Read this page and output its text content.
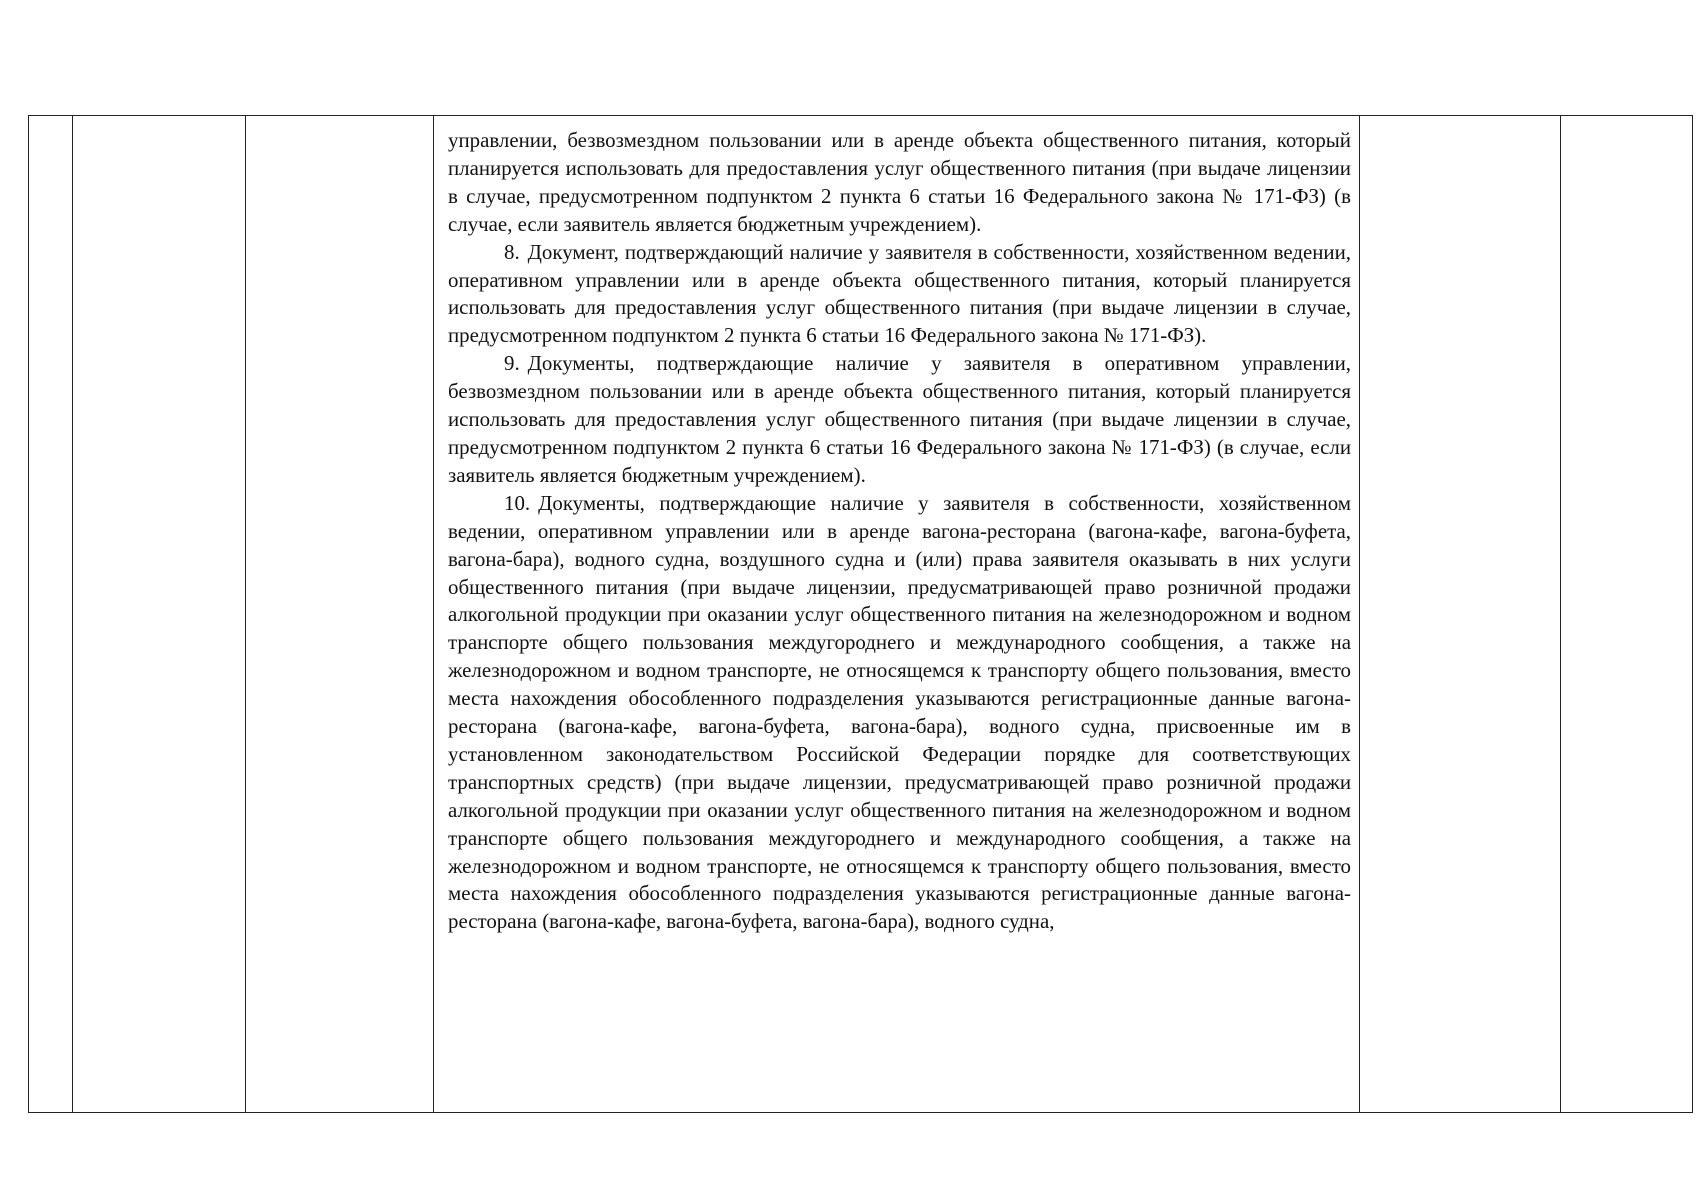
управлении, безвозмездном пользовании или в аренде объекта общественного питания, который планируется использовать для предоставления услуг общественного питания (при выдаче лицензии в случае, предусмотренном подпунктом 2 пункта 6 статьи 16 Федерального закона № 171-ФЗ) (в случае, если заявитель является бюджетным учреждением).

8. Документ, подтверждающий наличие у заявителя в собственности, хозяйственном ведении, оперативном управлении или в аренде объекта общественного питания, который планируется использовать для предоставления услуг общественного питания (при выдаче лицензии в случае, предусмотренном подпунктом 2 пункта 6 статьи 16 Федерального закона № 171-ФЗ).

9. Документы, подтверждающие наличие у заявителя в оперативном управлении, безвозмездном пользовании или в аренде объекта общественного питания, который планируется использовать для предоставления услуг общественного питания (при выдаче лицензии в случае, предусмотренном подпунктом 2 пункта 6 статьи 16 Федерального закона № 171-ФЗ) (в случае, если заявитель является бюджетным учреждением).

10. Документы, подтверждающие наличие у заявителя в собственности, хозяйственном ведении, оперативном управлении или в аренде вагона-ресторана (вагона-кафе, вагона-буфета, вагона-бара), водного судна, воздушного судна и (или) права заявителя оказывать в них услуги общественного питания (при выдаче лицензии, предусматривающей право розничной продажи алкогольной продукции при оказании услуг общественного питания на железнодорожном и водном транспорте общего пользования междугороднего и международного сообщения, а также на железнодорожном и водном транспорте, не относящемся к транспорту общего пользования, вместо места нахождения обособленного подразделения указываются регистрационные данные вагона-ресторана (вагона-кафе, вагона-буфета, вагона-бара), водного судна, присвоенные им в установленном законодательством Российской Федерации порядке для соответствующих транспортных средств) (при выдаче лицензии, предусматривающей право розничной продажи алкогольной продукции при оказании услуг общественного питания на железнодорожном и водном транспорте общего пользования междугороднего и международного сообщения, а также на железнодорожном и водном транспорте, не относящемся к транспорту общего пользования, вместо места нахождения обособленного подразделения указываются регистрационные данные вагона-ресторана (вагона-кафе, вагона-буфета, вагона-бара), водного судна,
